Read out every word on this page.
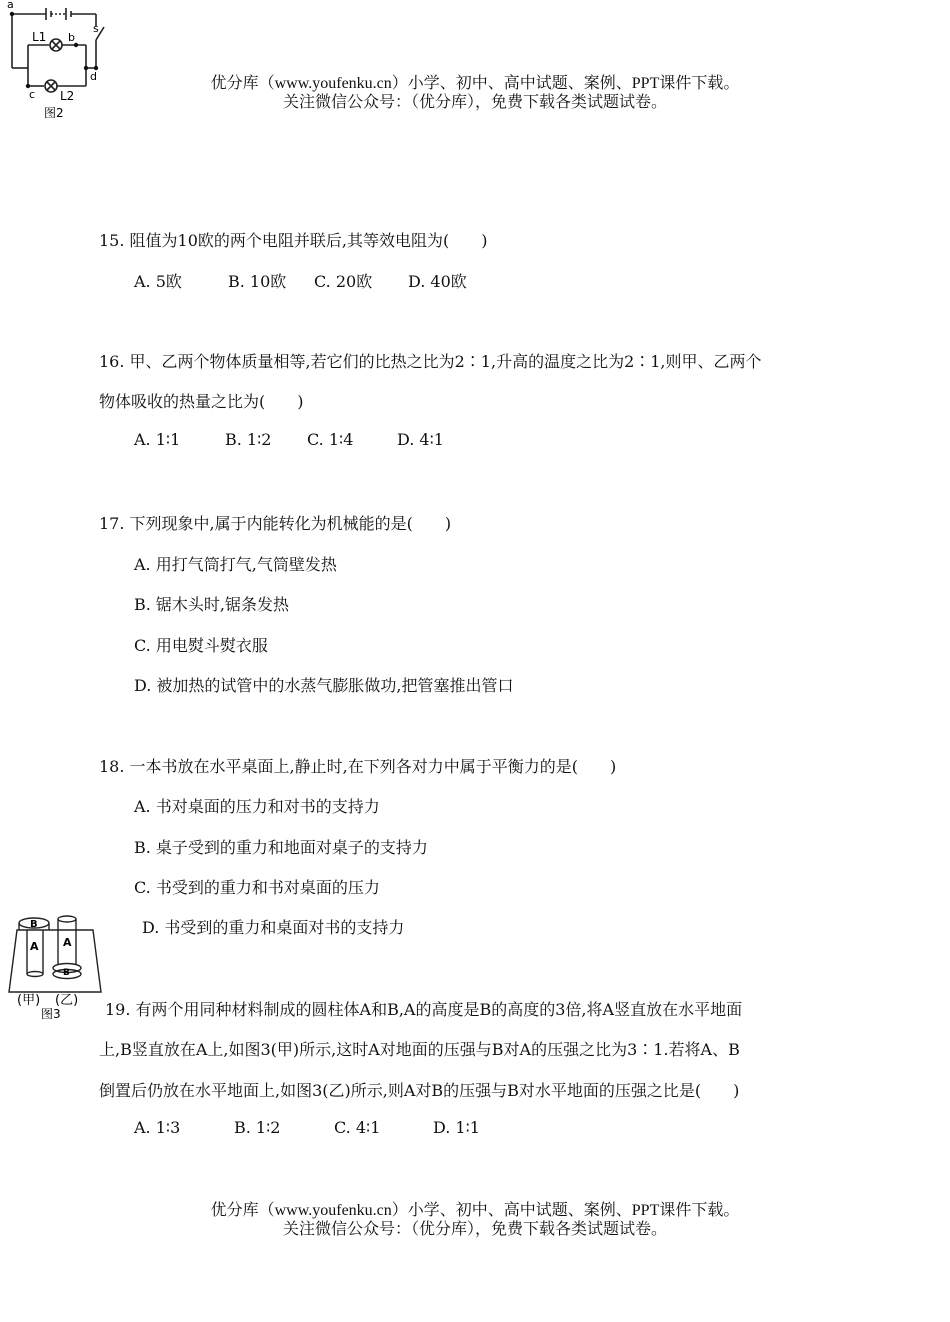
a
s
L1 b
d
c L2
图2
优分库（www.youfenku.cn）小学、初中、高中试题、案例、PPT课件下载。
关注微信公众号：（优分库），免费下载各类试题试卷。
15. 阻值为10欧的两个电阻并联后,其等效电阻为(　　)
A. 5欧	B. 10欧 C. 20欧 D. 40欧
16. 甲、乙两个物体质量相等,若它们的比热之比为2∶1,升高的温度之比为2∶1,则甲、乙两个
物体吸收的热量之比为(　　)
A. 1∶1	B. 1∶2 C. 1∶4	D. 4∶1
17. 下列现象中,属于内能转化为机械能的是(　　)
A. 用打气筒打气,气筒壁发热
B. 锯木头时,锯条发热
C. 用电熨斗熨衣服
D. 被加热的试管中的水蒸气膨胀做功,把管塞推出管口
18. 一本书放在水平桌面上,静止时,在下列各对力中属于平衡力的是(　　)
A. 书对桌面的压力和对书的支持力
B. 桌子受到的重力和地面对桌子的支持力
C. 书受到的重力和书对桌面的压力
D. 书受到的重力和桌面对书的支持力
B
A A
B
(甲) (乙)
图3	19. 有两个用同种材料制成的圆柱体A和B,A的高度是B的高度的3倍,将A竖直放在水平地面
上,B竖直放在A上,如图3(甲)所示,这时A对地面的压强与B对A的压强之比为3∶1.若将A、B
倒置后仍放在水平地面上,如图3(乙)所示,则A对B的压强与B对水平地面的压强之比是(　　)
A. 1∶3	B. 1∶2	C. 4∶1	D. 1∶1
优分库（www.youfenku.cn）小学、初中、高中试题、案例、PPT课件下载。
关注微信公众号：（优分库），免费下载各类试题试卷。
